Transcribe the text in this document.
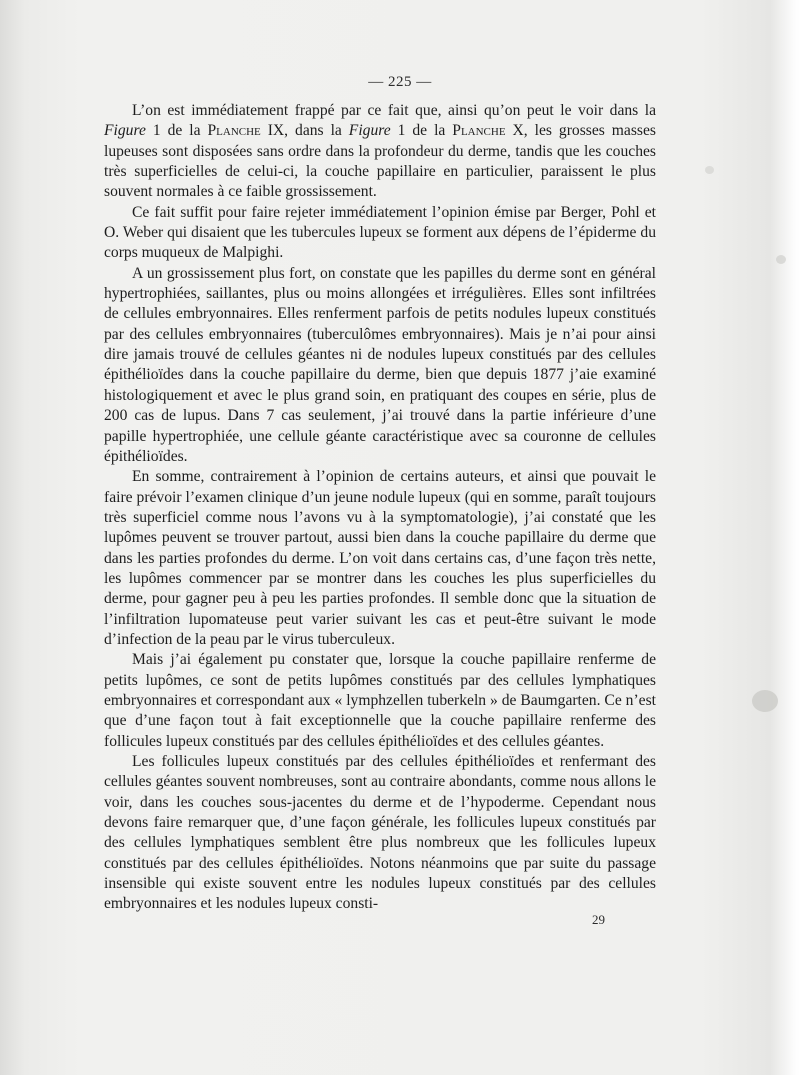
— 225 —

L’on est immédiatement frappé par ce fait que, ainsi qu’on peut le voir dans la Figure 1 de la Planche IX, dans la Figure 1 de la Planche X, les grosses masses lupeuses sont disposées sans ordre dans la profondeur du derme, tandis que les couches très superficielles de celui-ci, la couche papillaire en particulier, paraissent le plus souvent normales à ce faible grossissement.

Ce fait suffit pour faire rejeter immédiatement l’opinion émise par Berger, Pohl et O. Weber qui disaient que les tubercules lupeux se forment aux dépens de l’épiderme du corps muqueux de Malpighi.

A un grossissement plus fort, on constate que les papilles du derme sont en général hypertrophiées, saillantes, plus ou moins allongées et irrégulières. Elles sont infiltrées de cellules embryonnaires. Elles renferment parfois de petits nodules lupeux constitués par des cellules embryonnaires (tuberculômes embryonnaires). Mais je n’ai pour ainsi dire jamais trouvé de cellules géantes ni de nodules lupeux constitués par des cellules épithélioïdes dans la couche papillaire du derme, bien que depuis 1877 j’aie examiné histologiquement et avec le plus grand soin, en pratiquant des coupes en série, plus de 200 cas de lupus. Dans 7 cas seulement, j’ai trouvé dans la partie inférieure d’une papille hypertrophiée, une cellule géante caractéristique avec sa couronne de cellules épithélioïdes.

En somme, contrairement à l’opinion de certains auteurs, et ainsi que pouvait le faire prévoir l’examen clinique d’un jeune nodule lupeux (qui en somme, paraît toujours très superficiel comme nous l’avons vu à la symptomatologie), j’ai constaté que les lupômes peuvent se trouver partout, aussi bien dans la couche papillaire du derme que dans les parties profondes du derme. L’on voit dans certains cas, d’une façon très nette, les lupômes commencer par se montrer dans les couches les plus superficielles du derme, pour gagner peu à peu les parties profondes. Il semble donc que la situation de l’infiltration lupomateuse peut varier suivant les cas et peut-être suivant le mode d’infection de la peau par le virus tuberculeux.

Mais j’ai également pu constater que, lorsque la couche papillaire renferme de petits lupômes, ce sont de petits lupômes constitués par des cellules lymphatiques embryonnaires et correspondant aux « lymphzellen tuberkeln » de Baumgarten. Ce n’est que d’une façon tout à fait exceptionnelle que la couche papillaire renferme des follicules lupeux constitués par des cellules épithélioïdes et des cellules géantes.

Les follicules lupeux constitués par des cellules épithélioïdes et renfermant des cellules géantes souvent nombreuses, sont au contraire abondants, comme nous allons le voir, dans les couches sous-jacentes du derme et de l’hypoderme. Cependant nous devons faire remarquer que, d’une façon générale, les follicules lupeux constitués par des cellules lymphatiques semblent être plus nombreux que les follicules lupeux constitués par des cellules épithélioïdes. Notons néanmoins que par suite du passage insensible qui existe souvent entre les nodules lupeux constitués par des cellules embryonnaires et les nodules lupeux consti-

29
